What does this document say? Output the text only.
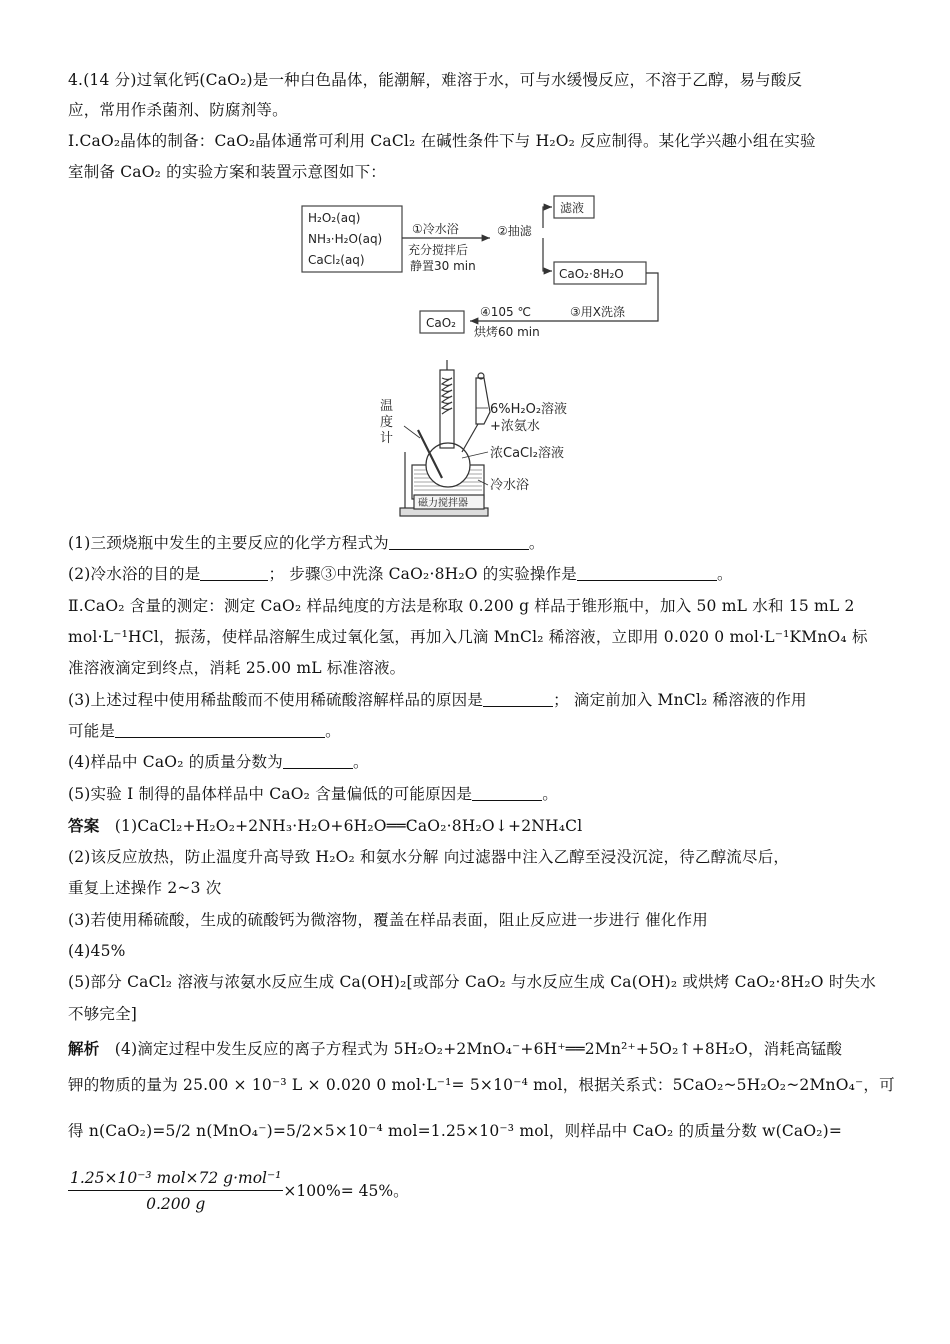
4.(14 分)过氧化钙(CaO₂)是一种白色晶体，能潮解，难溶于水，可与水缓慢反应，不溶于乙醇，易与酸反
应，常用作杀菌剂、防腐剂等。
Ⅰ.CaO₂晶体的制备：CaO₂晶体通常可利用 CaCl₂ 在碱性条件下与 H₂O₂ 反应制得。某化学兴趣小组在实验
室制备 CaO₂ 的实验方案和装置示意图如下：
H₂O₂(aq)
NH₃·H₂O(aq)
CaCl₂(aq)
①冷水浴
充分搅拌后
静置30 min
②抽滤
滤液
CaO₂·8H₂O
③用X洗涤
④105 ℃
烘烤60 min
CaO₂
温
度
计
6%H₂O₂溶液
+浓氨水
浓CaCl₂溶液
冷水浴
磁力搅拌器
(1)三颈烧瓶中发生的主要反应的化学方程式为	。
(2)冷水浴的目的是	； 步骤③中洗涤 CaO₂·8H₂O 的实验操作是	。
Ⅱ.CaO₂ 含量的测定：测定 CaO₂ 样品纯度的方法是称取 0.200 g 样品于锥形瓶中，加入 50 mL 水和 15 mL 2
mol·L⁻¹HCl，振荡，使样品溶解生成过氧化氢，再加入几滴 MnCl₂ 稀溶液，立即用 0.020 0 mol·L⁻¹KMnO₄ 标
准溶液滴定到终点，消耗 25.00 mL 标准溶液。
(3)上述过程中使用稀盐酸而不使用稀硫酸溶解样品的原因是	； 滴定前加入 MnCl₂ 稀溶液的作用
可能是	。
(4)样品中 CaO₂ 的质量分数为	。
(5)实验 Ⅰ 制得的晶体样品中 CaO₂ 含量偏低的可能原因是	。
答案 (1)CaCl₂+H₂O₂+2NH₃·H₂O+6H₂O══CaO₂·8H₂O↓+2NH₄Cl
(2)该反应放热，防止温度升高导致 H₂O₂ 和氨水分解 向过滤器中注入乙醇至浸没沉淀，待乙醇流尽后，
重复上述操作 2~3 次
(3)若使用稀硫酸，生成的硫酸钙为微溶物，覆盖在样品表面，阻止反应进一步进行 催化作用
(4)45%
(5)部分 CaCl₂ 溶液与浓氨水反应生成 Ca(OH)₂[或部分 CaO₂ 与水反应生成 Ca(OH)₂ 或烘烤 CaO₂·8H₂O 时失水
不够完全]
解析 (4)滴定过程中发生反应的离子方程式为 5H₂O₂+2MnO₄⁻+6H⁺══2Mn²⁺+5O₂↑+8H₂O，消耗高锰酸
钾的物质的量为 25.00 × 10⁻³ L × 0.020 0 mol·L⁻¹= 5×10⁻⁴ mol，根据关系式：5CaO₂~5H₂O₂~2MnO₄⁻，可
得 n(CaO₂)=5/2 n(MnO₄⁻)=5/2×5×10⁻⁴ mol=1.25×10⁻³ mol，则样品中 CaO₂ 的质量分数 w(CaO₂)=
1.25×10⁻³ mol×72 g·mol⁻¹
0.200 g
×100%= 45%。
